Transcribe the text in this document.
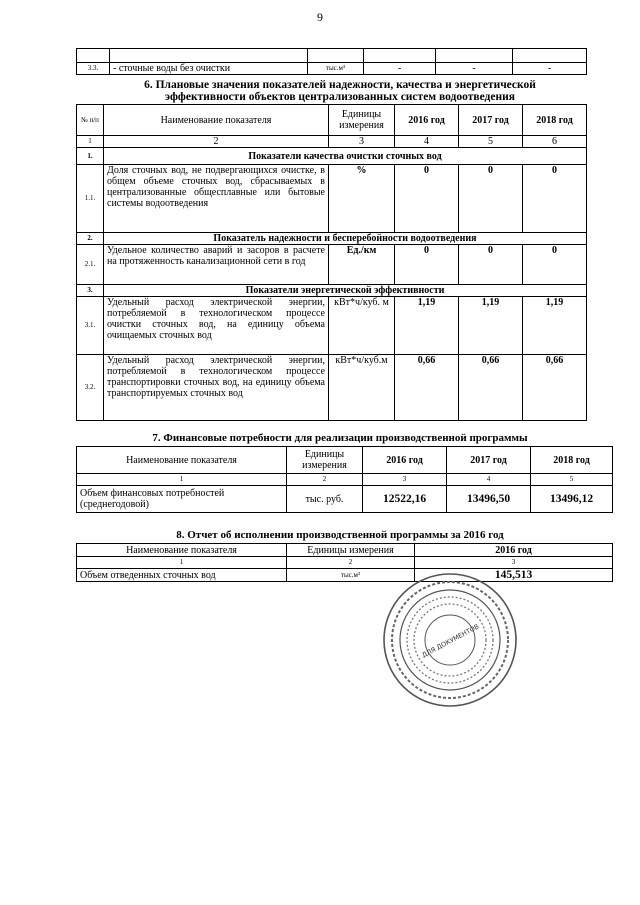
9

3.3.	- сточные воды без очистки	тыс.м³	-	-	-
6. Плановые значения показателей надежности, качества и энергетической
эффективности объектов централизованных систем водоотведения
№ п/п	Наименование показателя	Единицы измерения	2016 год	2017 год	2018 год
1	2	3	4	5	6
1.	Показатели качества очистки сточных вод				
1.1.	Доля сточных вод, не подвергающихся очистке, в общем объеме сточных вод, сбрасываемых в централизованные общесплавные или бытовые системы водоотведения	%	0	0	0
2.	Показатель надежности и бесперебойности водоотведения				
2.1.	Удельное количество аварий и засоров в расчете на протяженность канализационной сети в год	Ед./км	0	0	0
3.	Показатели энергетической эффективности				
3.1.	Удельный расход электрической энергии, потребляемой в технологическом процессе очистки сточных вод, на единицу объема очищаемых сточных вод	кВт*ч/куб. м	1,19	1,19	1,19
3.2.	Удельный расход электрической энергии, потребляемой в технологическом процессе транспортировки сточных вод, на единицу объема транспортируемых сточных вод	кВт*ч/куб.м	0,66	0,66	0,66
7. Финансовые потребности для реализации производственной программы
Наименование показателя	Единицы измерения	2016 год	2017 год	2018 год
1	2	3	4	5
Объем финансовых потребностей (среднегодовой)	тыс. руб.	12522,16	13496,50	13496,12
8. Отчет об исполнении производственной программы за 2016 год
Наименование показателя	Единицы измерения	2016 год
1	2	3
Объем отведенных сточных вод	тыс.м³	145,513
ДЛЯ ДОКУМЕНТОВ
